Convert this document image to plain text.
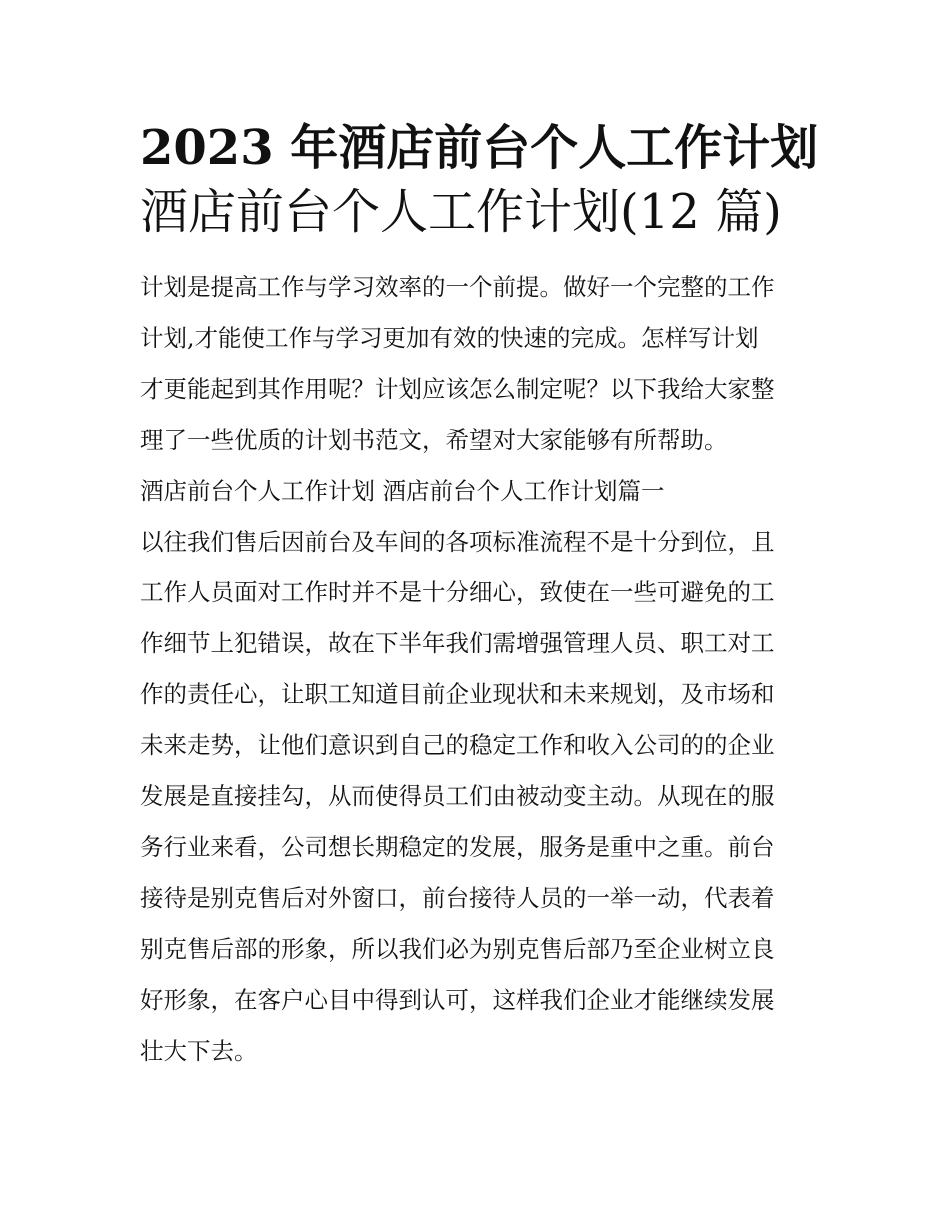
2023 年酒店前台个人工作计划
酒店前台个人工作计划(12 篇)

计划是提高工作与学习效率的一个前提。做好一个完整的工作
计划,才能使工作与学习更加有效的快速的完成。怎样写计划
才更能起到其作用呢？计划应该怎么制定呢？以下我给大家整
理了一些优质的计划书范文，希望对大家能够有所帮助。

酒店前台个人工作计划 酒店前台个人工作计划篇一

以往我们售后因前台及车间的各项标准流程不是十分到位，且
工作人员面对工作时并不是十分细心，致使在一些可避免的工
作细节上犯错误，故在下半年我们需增强管理人员、职工对工
作的责任心，让职工知道目前企业现状和未来规划，及市场和
未来走势，让他们意识到自己的稳定工作和收入公司的的企业
发展是直接挂勾，从而使得员工们由被动变主动。从现在的服
务行业来看，公司想长期稳定的发展，服务是重中之重。前台
接待是别克售后对外窗口，前台接待人员的一举一动，代表着
别克售后部的形象，所以我们必为别克售后部乃至企业树立良
好形象，在客户心目中得到认可，这样我们企业才能继续发展
壮大下去。
